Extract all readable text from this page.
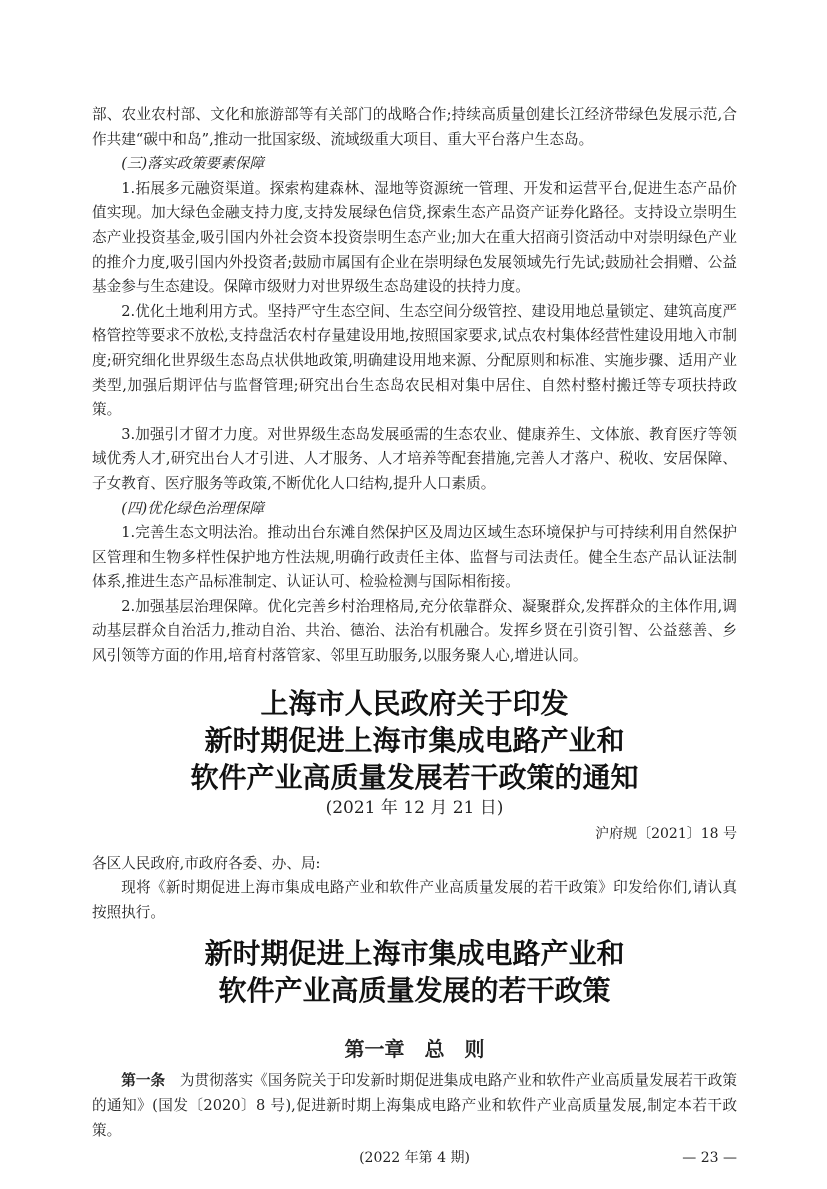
部、农业农村部、文化和旅游部等有关部门的战略合作;持续高质量创建长江经济带绿色发展示范,合作共建“碳中和岛”,推动一批国家级、流域级重大项目、重大平台落户生态岛。

(三)落实政策要素保障

1.拓展多元融资渠道。探索构建森林、湿地等资源统一管理、开发和运营平台,促进生态产品价值实现。加大绿色金融支持力度,支持发展绿色信贷,探索生态产品资产证券化路径。支持设立崇明生态产业投资基金,吸引国内外社会资本投资崇明生态产业;加大在重大招商引资活动中对崇明绿色产业的推介力度,吸引国内外投资者;鼓励市属国有企业在崇明绿色发展领域先行先试;鼓励社会捐赠、公益基金参与生态建设。保障市级财力对世界级生态岛建设的扶持力度。

2.优化土地利用方式。坚持严守生态空间、生态空间分级管控、建设用地总量锁定、建筑高度严格管控等要求不放松,支持盘活农村存量建设用地,按照国家要求,试点农村集体经营性建设用地入市制度;研究细化世界级生态岛点状供地政策,明确建设用地来源、分配原则和标准、实施步骤、适用产业类型,加强后期评估与监督管理;研究出台生态岛农民相对集中居住、自然村整村搬迁等专项扶持政策。

3.加强引才留才力度。对世界级生态岛发展亟需的生态农业、健康养生、文体旅、教育医疗等领域优秀人才,研究出台人才引进、人才服务、人才培养等配套措施,完善人才落户、税收、安居保障、子女教育、医疗服务等政策,不断优化人口结构,提升人口素质。

(四)优化绿色治理保障

1.完善生态文明法治。推动出台东滩自然保护区及周边区域生态环境保护与可持续利用自然保护区管理和生物多样性保护地方性法规,明确行政责任主体、监督与司法责任。健全生态产品认证法制体系,推进生态产品标准制定、认证认可、检验检测与国际相衔接。

2.加强基层治理保障。优化完善乡村治理格局,充分依靠群众、凝聚群众,发挥群众的主体作用,调动基层群众自治活力,推动自治、共治、德治、法治有机融合。发挥乡贤在引资引智、公益慈善、乡风引领等方面的作用,培育村落管家、邻里互助服务,以服务聚人心,增进认同。

上海市人民政府关于印发
新时期促进上海市集成电路产业和
软件产业高质量发展若干政策的通知
(2021 年 12 月 21 日)
沪府规〔2021〕18 号

各区人民政府,市政府各委、办、局:

现将《新时期促进上海市集成电路产业和软件产业高质量发展的若干政策》印发给你们,请认真按照执行。

新时期促进上海市集成电路产业和
软件产业高质量发展的若干政策
第一章　总　则

第一条　为贯彻落实《国务院关于印发新时期促进集成电路产业和软件产业高质量发展若干政策的通知》(国发〔2020〕8 号),促进新时期上海集成电路产业和软件产业高质量发展,制定本若干政策。

(2022 年第 4 期)	— 23 —
